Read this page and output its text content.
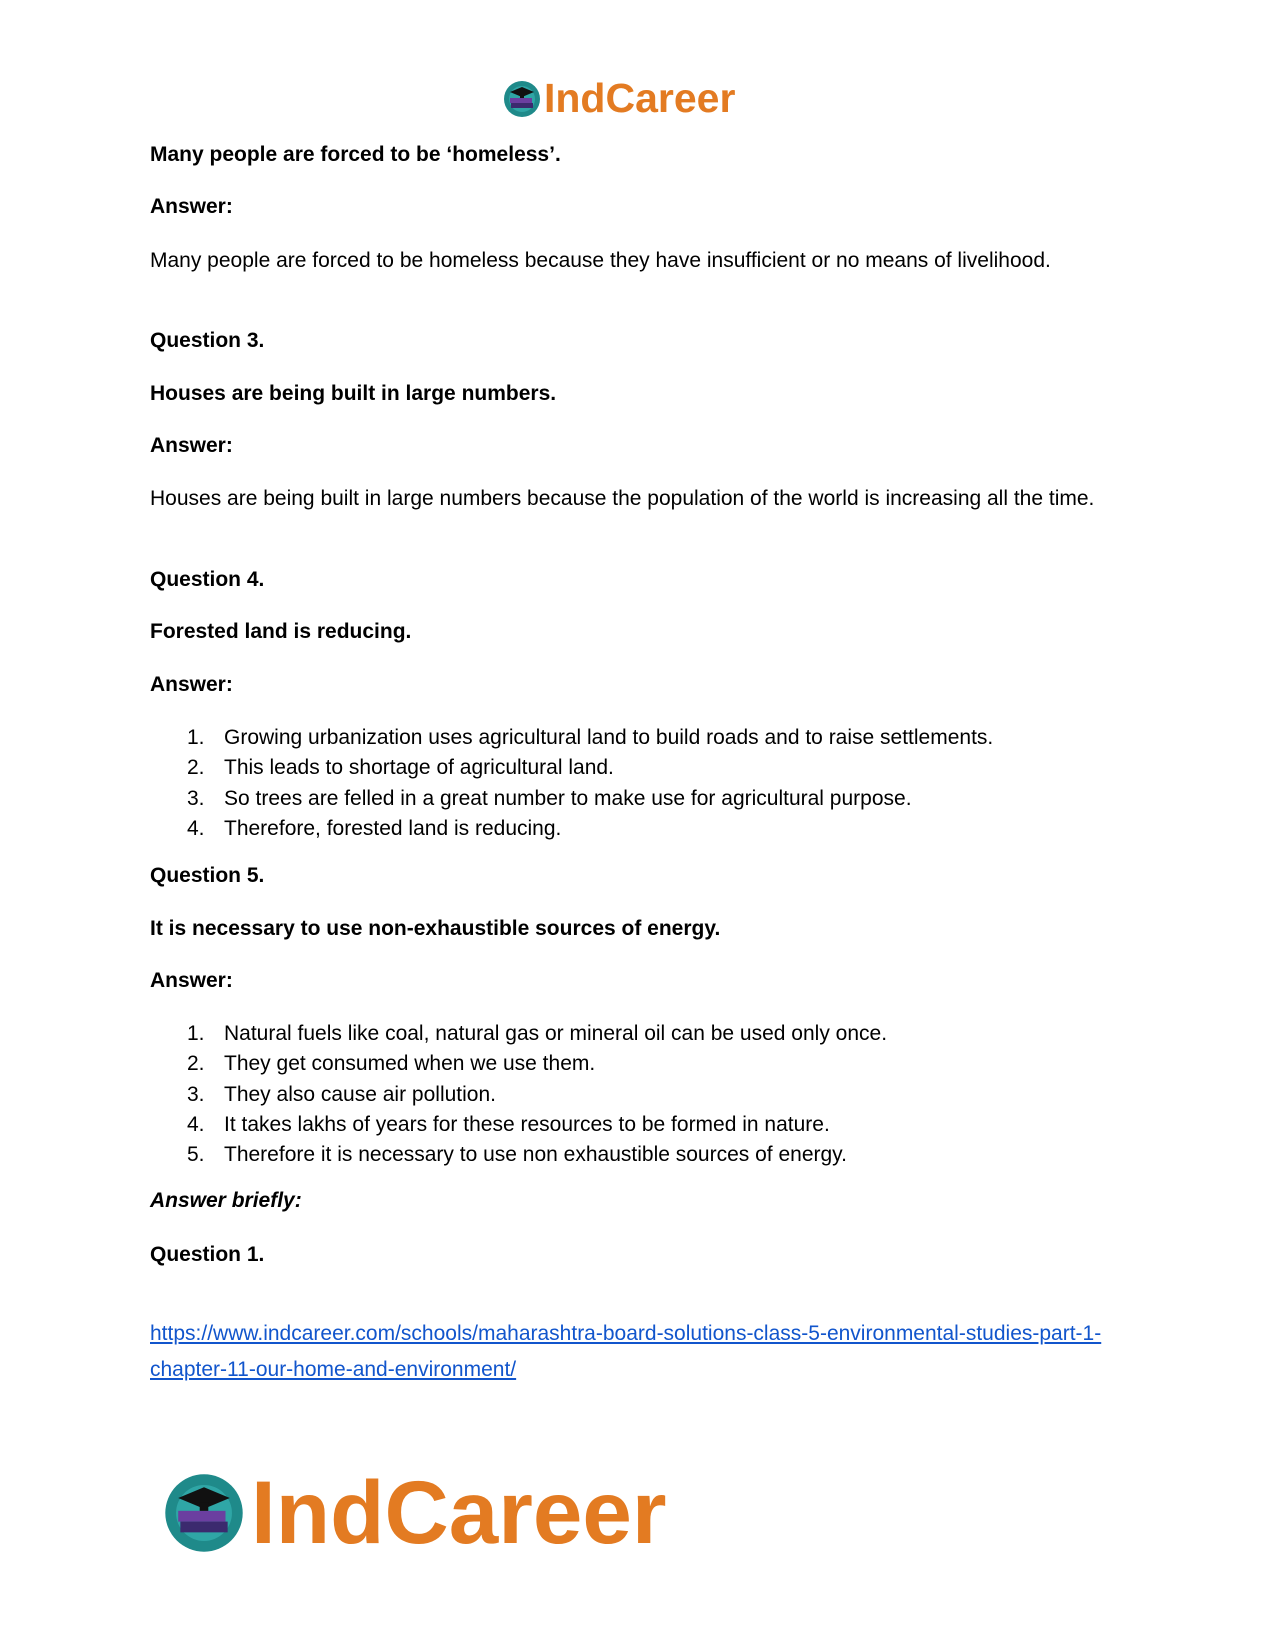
IndCareer
Many people are forced to be ‘homeless’.
Answer:
Many people are forced to be homeless because they have insufficient or no means of livelihood.
Question 3.
Houses are being built in large numbers.
Answer:
Houses are being built in large numbers because the population of the world is increasing all the time.
Question 4.
Forested land is reducing.
Answer:
1. Growing urbanization uses agricultural land to build roads and to raise settlements.
2. This leads to shortage of agricultural land.
3. So trees are felled in a great number to make use for agricultural purpose.
4. Therefore, forested land is reducing.
Question 5.
It is necessary to use non-exhaustible sources of energy.
Answer:
1. Natural fuels like coal, natural gas or mineral oil can be used only once.
2. They get consumed when we use them.
3. They also cause air pollution.
4. It takes lakhs of years for these resources to be formed in nature.
5. Therefore it is necessary to use non exhaustible sources of energy.
Answer briefly:
Question 1.
https://www.indcareer.com/schools/maharashtra-board-solutions-class-5-environmental-studies-part-1-chapter-11-our-home-and-environment/
IndCareer
